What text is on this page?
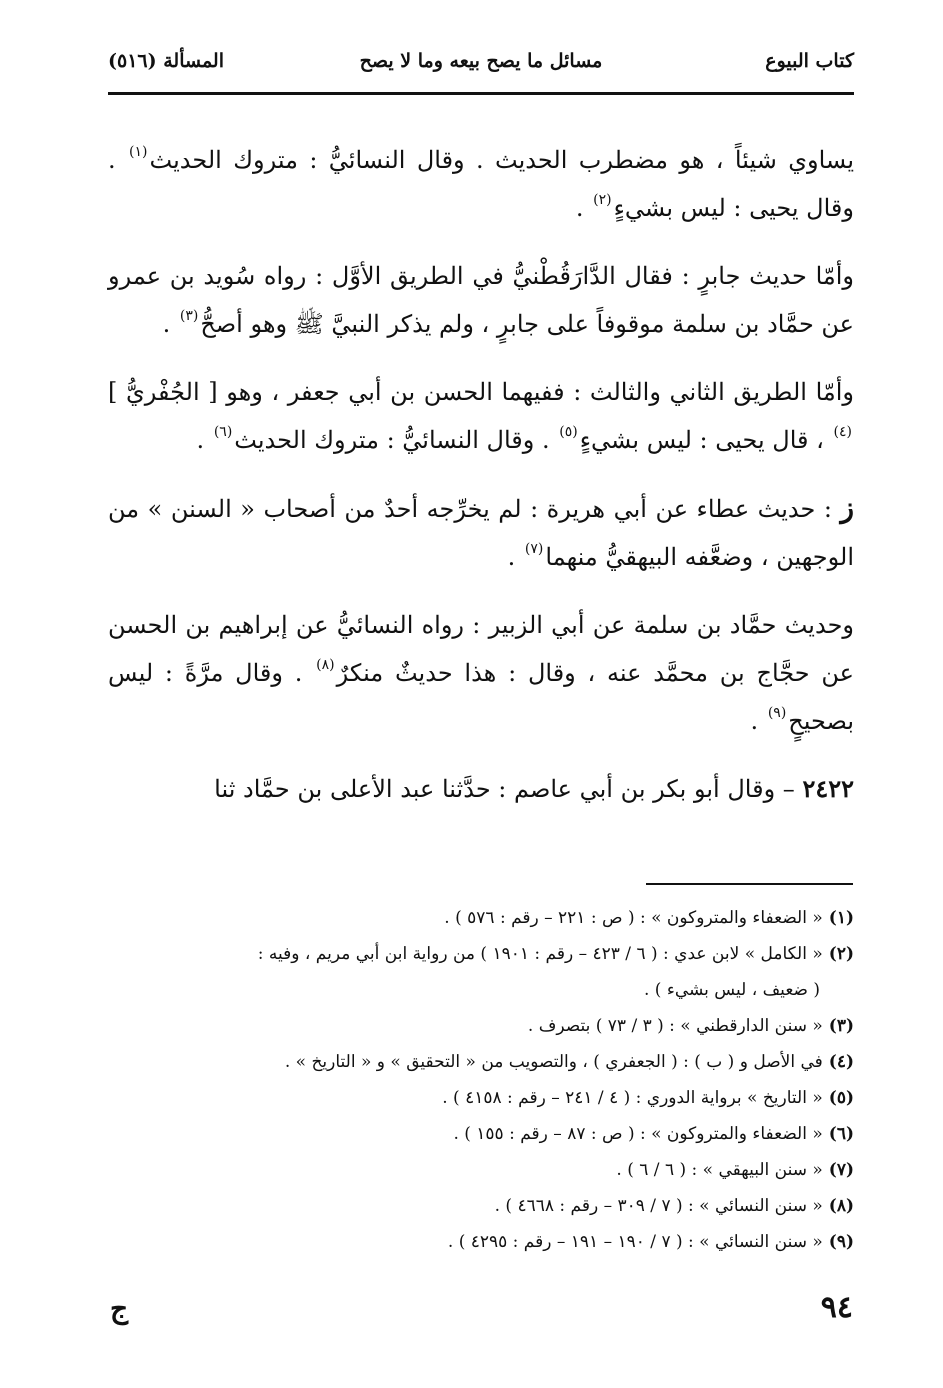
كتاب البيوع
مسائل ما يصح بيعه وما لا يصح
المسألة (٥١٦)

يساوي شيئاً ، هو مضطرب الحديث . وقال النسائيُّ : متروك الحديث$^{(١)}$ . وقال يحيى : ليس بشيءٍ$^{(٢)}$ .

وأمّا حديث جابرٍ : فقال الدَّارَقُطْنيُّ في الطريق الأوَّل : رواه سُويد بن عمرو عن حمَّاد بن سلمة موقوفاً على جابرٍ ، ولم يذكر النبيَّ ﷺ وهو أصحُّ$^{(٣)}$ .

وأمّا الطريق الثاني والثالث : ففيهما الحسن بن أبي جعفر ، وهو [ الجُفْريُّ ]$^{(٤)}$ ، قال يحيى : ليس بشيءٍ$^{(٥)}$ . وقال النسائيُّ : متروك الحديث$^{(٦)}$ .

ز : حديث عطاء عن أبي هريرة : لم يخرِّجه أحدٌ من أصحاب « السنن » من الوجهين ، وضعَّفه البيهقيُّ منهما$^{(٧)}$ .

وحديث حمَّاد بن سلمة عن أبي الزبير : رواه النسائيُّ عن إبراهيم بن الحسن عن حجَّاج بن محمَّد عنه ، وقال : هذا حديثٌ منكرٌ$^{(٨)}$ . وقال مرَّةً : ليس بصحيحٍ$^{(٩)}$ .

٢٤٢٢ – وقال أبو بكر بن أبي عاصم : حدَّثنا عبد الأعلى بن حمَّاد ثنا

(١)« الضعفاء والمتروكون » : ( ص : ٢٢١ – رقم : ٥٧٦ ) .
(٢)« الكامل » لابن عدي : ( ٦ / ٤٢٣ – رقم : ١٩٠١ ) من رواية ابن أبي مريم ، وفيه :
( ضعيف ، ليس بشيء ) .
(٣)« سنن الدارقطني » : ( ٣ / ٧٣ ) بتصرف .
(٤)في الأصل و ( ب ) : ( الجعفري ) ، والتصويب من « التحقيق » و « التاريخ » .
(٥)« التاريخ » برواية الدوري : ( ٤ / ٢٤١ – رقم : ٤١٥٨ ) .
(٦)« الضعفاء والمتروكون » : ( ص : ٨٧ – رقم : ١٥٥ ) .
(٧)« سنن البيهقي » : ( ٦ / ٦ ) .
(٨)« سنن النسائي » : ( ٧ / ٣٠٩ – رقم : ٤٦٦٨ ) .
(٩)« سنن النسائي » : ( ٧ / ١٩٠ – ١٩١ – رقم : ٤٢٩٥ ) .
٩٤
ج
